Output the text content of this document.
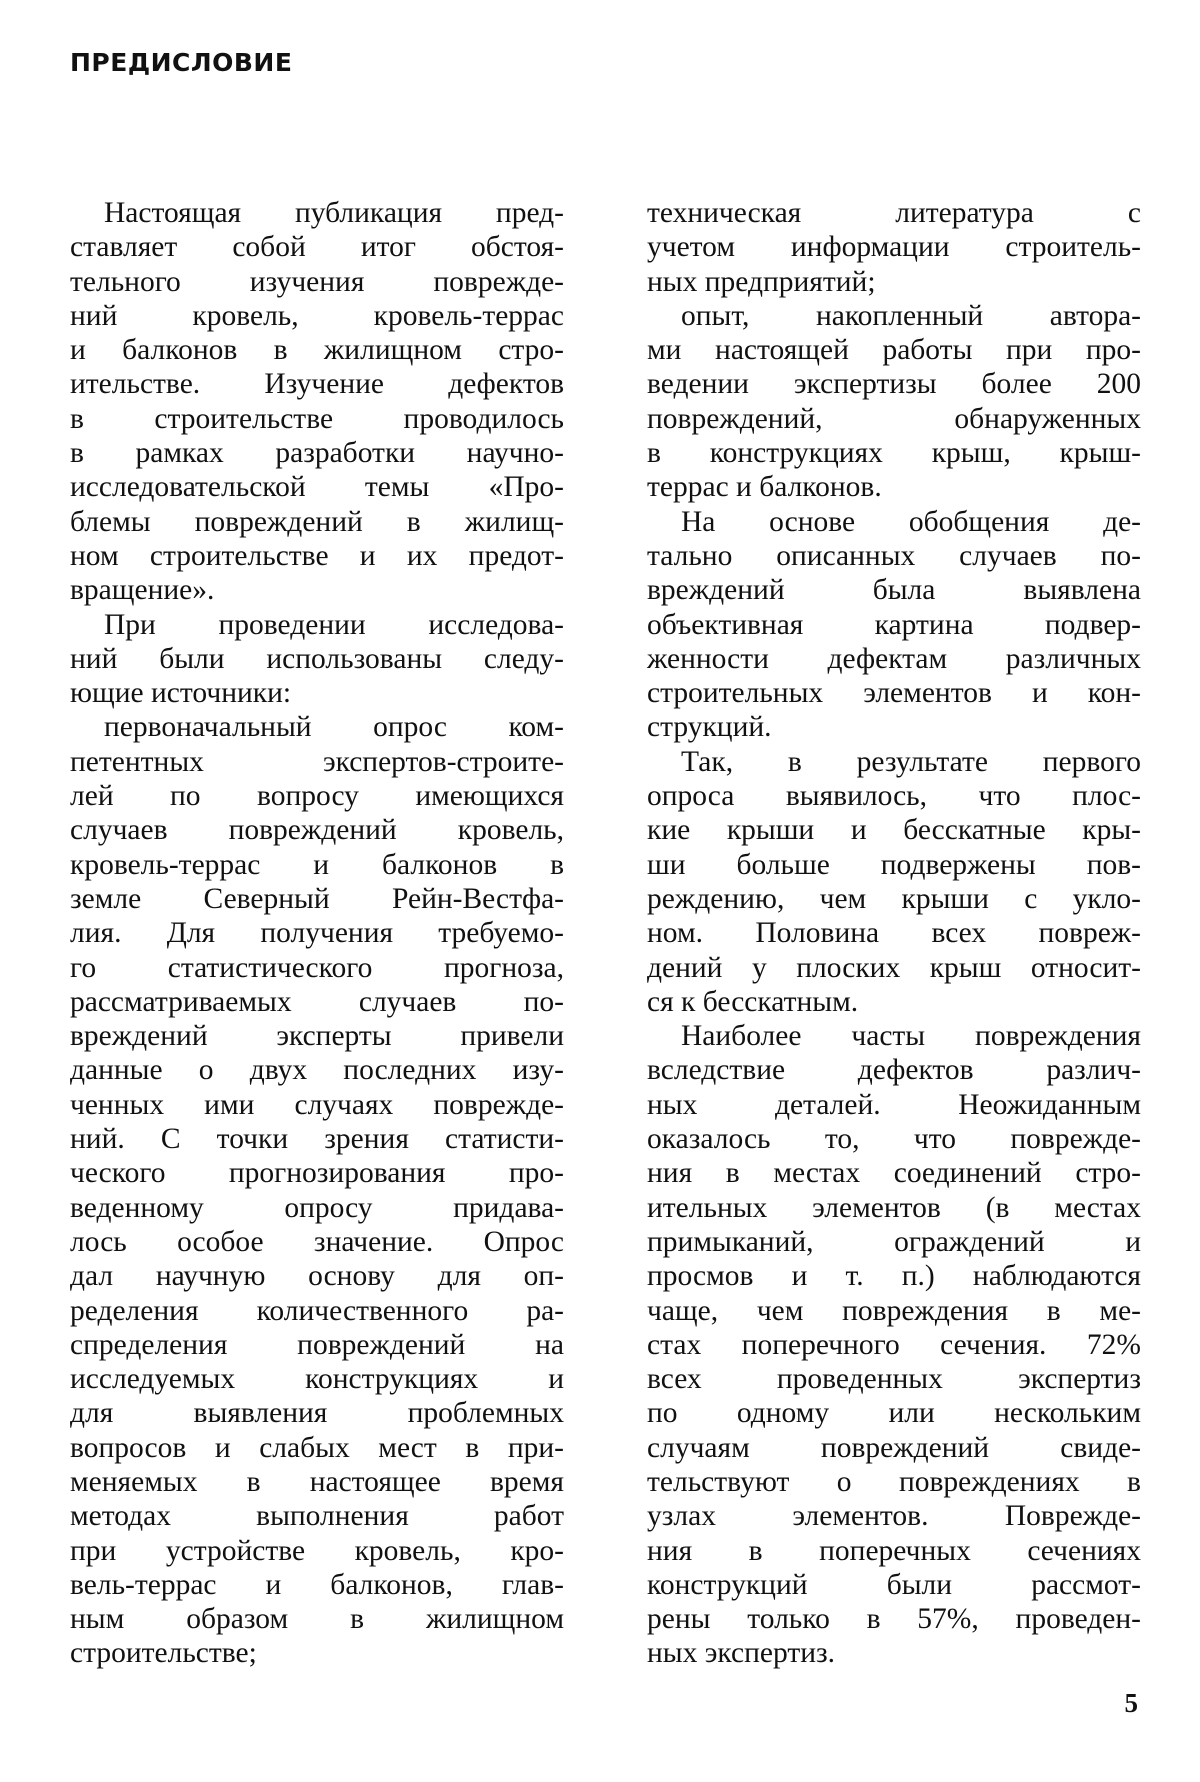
ПРЕДИСЛОВИЕ
Настоящая публикация пред-
ставляет собой итог обстоя-
тельного изучения поврежде-
ний кровель, кровель-террас
и балконов в жилищном стро-
ительстве. Изучение дефектов
в строительстве проводилось
в рамках разработки научно-
исследовательской темы «Про-
блемы повреждений в жилищ-
ном строительстве и их предот-
вращение».
При проведении исследова-
ний были использованы следу-
ющие источники:
первоначальный опрос ком-
петентных экспертов-строите-
лей по вопросу имеющихся
случаев повреждений кровель,
кровель-террас и балконов в
земле Северный Рейн-Вестфа-
лия. Для получения требуемо-
го статистического прогноза,
рассматриваемых случаев по-
вреждений эксперты привели
данные о двух последних изу-
ченных ими случаях поврежде-
ний. С точки зрения статисти-
ческого прогнозирования про-
веденному опросу придава-
лось особое значение. Опрос
дал научную основу для оп-
ределения количественного ра-
спределения повреждений на
исследуемых конструкциях и
для выявления проблемных
вопросов и слабых мест в при-
меняемых в настоящее время
методах выполнения работ
при устройстве кровель, кро-
вель-террас и балконов, глав-
ным образом в жилищном
строительстве;
техническая литература с
учетом информации строитель-
ных предприятий;
опыт, накопленный автора-
ми настоящей работы при про-
ведении экспертизы более 200
повреждений, обнаруженных
в конструкциях крыш, крыш-
террас и балконов.
На основе обобщения де-
тально описанных случаев по-
вреждений была выявлена
объективная картина подвер-
женности дефектам различных
строительных элементов и кон-
струкций.
Так, в результате первого
опроса выявилось, что плос-
кие крыши и бесскатные кры-
ши больше подвержены пов-
реждению, чем крыши с укло-
ном. Половина всех повреж-
дений у плоских крыш относит-
ся к бесскатным.
Наиболее часты повреждения
вследствие дефектов различ-
ных деталей. Неожиданным
оказалось то, что поврежде-
ния в местах соединений стро-
ительных элементов (в местах
примыканий, ограждений и
просмов и т. п.) наблюдаются
чаще, чем повреждения в ме-
стах поперечного сечения. 72%
всех проведенных экспертиз
по одному или нескольким
случаям повреждений свиде-
тельствуют о повреждениях в
узлах элементов. Поврежде-
ния в поперечных сечениях
конструкций были рассмот-
рены только в 57%, проведен-
ных экспертиз.
5
